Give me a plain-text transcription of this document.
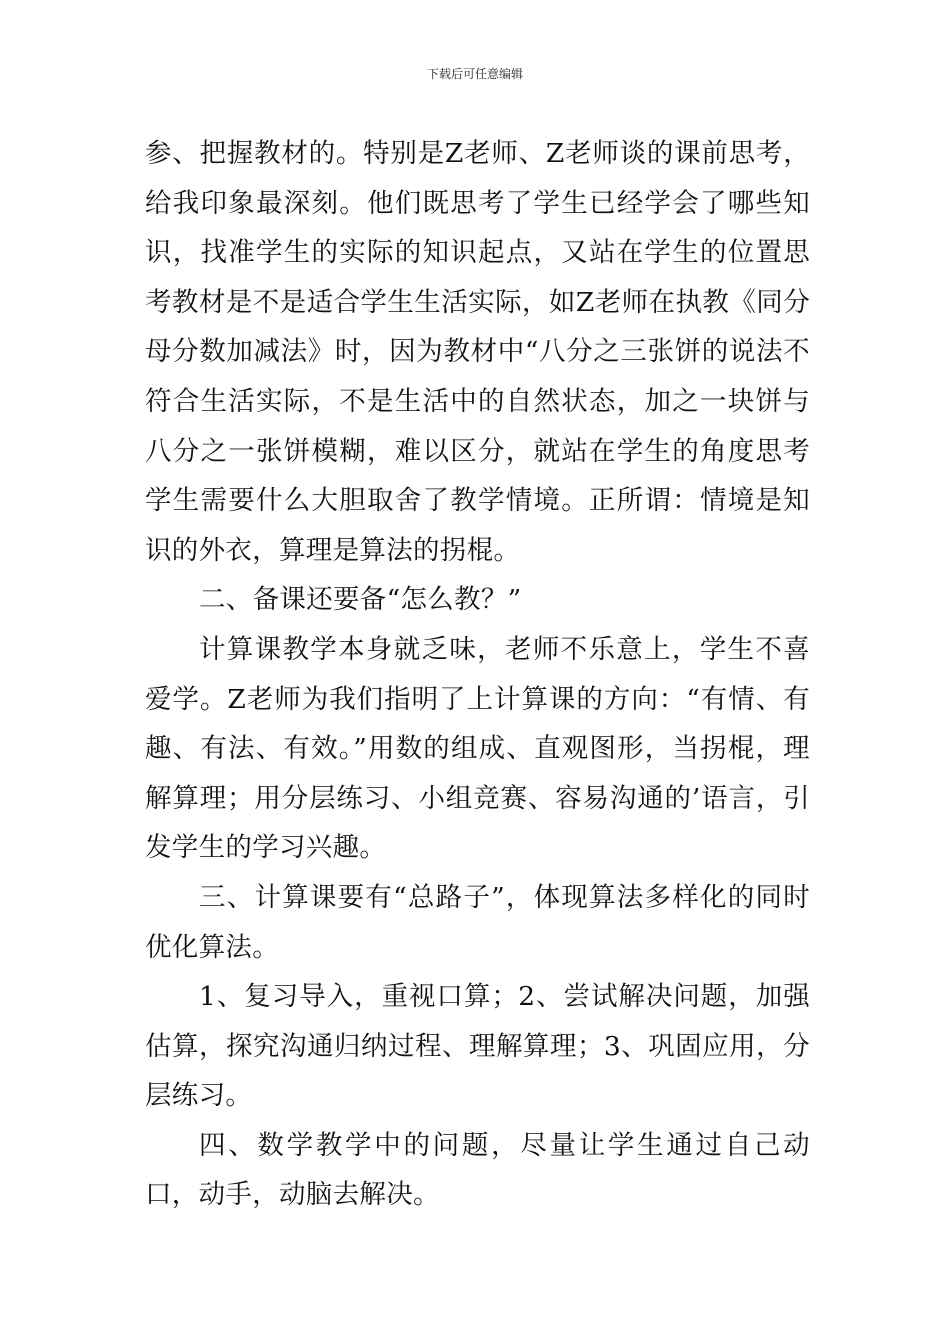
下载后可任意编辑

参、把握教材的。特别是Z老师、Z老师谈的课前思考，给我印象最深刻。他们既思考了学生已经学会了哪些知识，找准学生的实际的知识起点，又站在学生的位置思考教材是不是适合学生生活实际，如Z老师在执教《同分母分数加减法》时，因为教材中“八分之三张饼的说法不符合生活实际，不是生活中的自然状态，加之一块饼与八分之一张饼模糊，难以区分，就站在学生的角度思考学生需要什么大胆取舍了教学情境。正所谓：情境是知识的外衣，算理是算法的拐棍。

二、备课还要备“怎么教？”

计算课教学本身就乏味，老师不乐意上，学生不喜爱学。Z老师为我们指明了上计算课的方向：“有情、有趣、有法、有效。”用数的组成、直观图形，当拐棍，理解算理；用分层练习、小组竞赛、容易沟通的’语言，引发学生的学习兴趣。

三、计算课要有“总路子”，体现算法多样化的同时优化算法。

1、复习导入，重视口算；2、尝试解决问题，加强估算，探究沟通归纳过程、理解算理；3、巩固应用，分层练习。

四、数学教学中的问题，尽量让学生通过自己动口，动手，动脑去解决。
